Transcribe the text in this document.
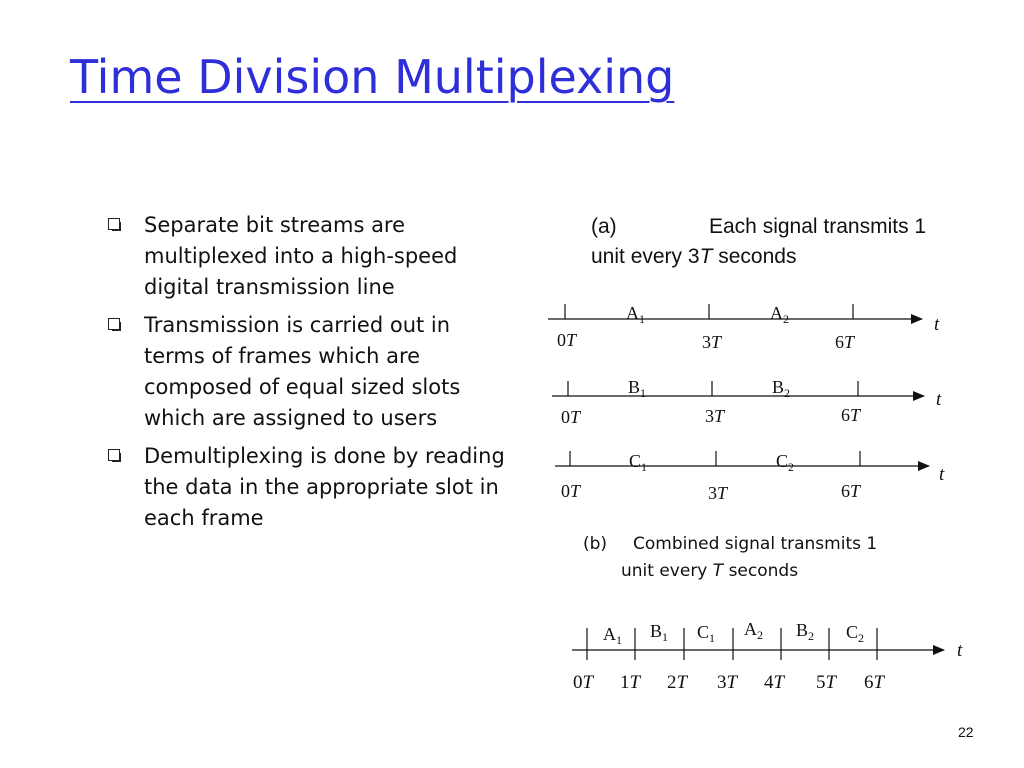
Time Division Multiplexing
Separate bit streams are multiplexed into a high-speed digital transmission line
Transmission is carried out in terms of frames which are composed of equal sized slots which are assigned to users
Demultiplexing is done by reading the data in the appropriate slot in each frame
(a)	Each signal transmits 1
unit every 3T seconds
(b) Combined signal transmits 1
unit every T seconds
$A_1$	$A_2$
0T	3T	6T
t
$B_1$	$B_2$
0T	3T	6T
t
$C_1$	$C_2$
0T	3T	6T
t
$A_1$ $B_1$ $C_1$ $A_2$ $B_2$ $C_2$
0T 1T 2T 3T 4T 5T 6T
t
22
